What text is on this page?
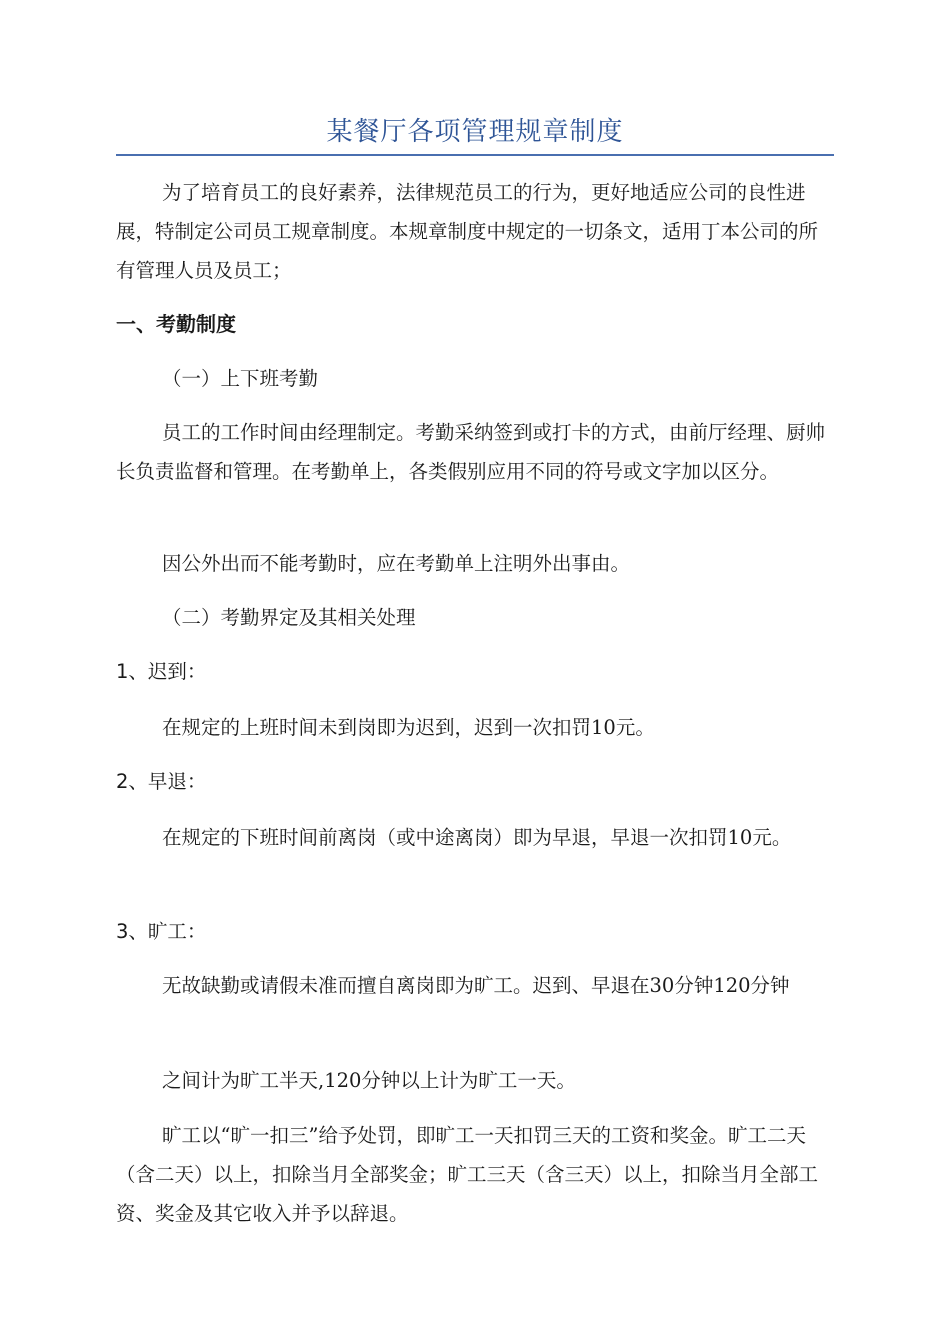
某餐厅各项管理规章制度
为了培育员工的良好素养，法律规范员工的行为，更好地适应公司的良性进展，特制定公司员工规章制度。本规章制度中规定的一切条文，适用丁本公司的所有管理人员及员工；
一、考勤制度
（一）上下班考勤
员工的工作时间由经理制定。考勤采纳签到或打卡的方式，由前厅经理、厨帅长负责监督和管理。在考勤单上，各类假别应用不同的符号或文字加以区分。
因公外出而不能考勤时，应在考勤单上注明外出事由。
（二）考勤界定及其相关处理
1、迟到：
在规定的上班时间未到岗即为迟到，迟到一次扣罚10元。
2、早退：
在规定的下班时间前离岗（或中途离岗）即为早退，早退一次扣罚10元。
3、旷工：
无故缺勤或请假未准而擅自离岗即为旷工。迟到、早退在30分钟120分钟
之间计为旷工半天,120分钟以上计为旷工一天。
旷工以“旷一扣三”给予处罚，即旷工一天扣罚三天的工资和奖金。旷工二天（含二天）以上，扣除当月全部奖金；旷工三天（含三天）以上，扣除当月全部工资、奖金及其它收入并予以辞退。
